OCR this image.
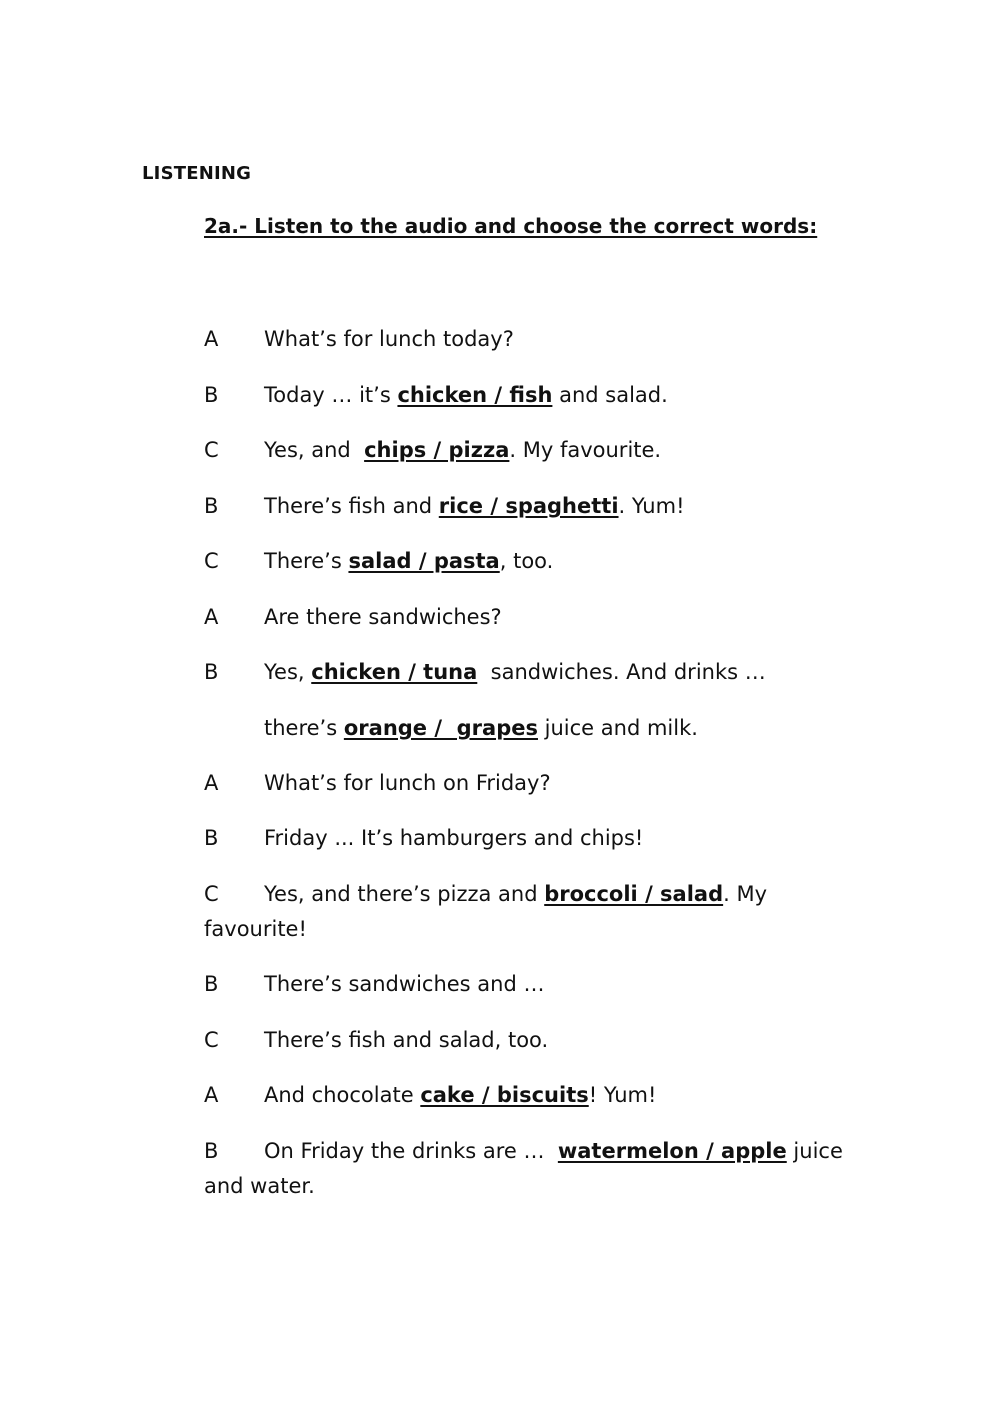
LISTENING
2a.- Listen to the audio and choose the correct words:
A What’s for lunch today?
B Today … it’s chicken / fish and salad.
C Yes, and  chips / pizza. My favourite.
B There’s fish and rice / spaghetti. Yum!
C There’s salad / pasta, too.
A Are there sandwiches?
B Yes, chicken / tuna  sandwiches. And drinks …
there’s orange /  grapes juice and milk.
A What’s for lunch on Friday?
B Friday ... It’s hamburgers and chips!
C Yes, and there’s pizza and broccoli / salad. My favourite!
B There’s sandwiches and …
C There’s fish and salad, too.
A And chocolate cake / biscuits! Yum!
B On Friday the drinks are …  watermelon / apple juice and water.
